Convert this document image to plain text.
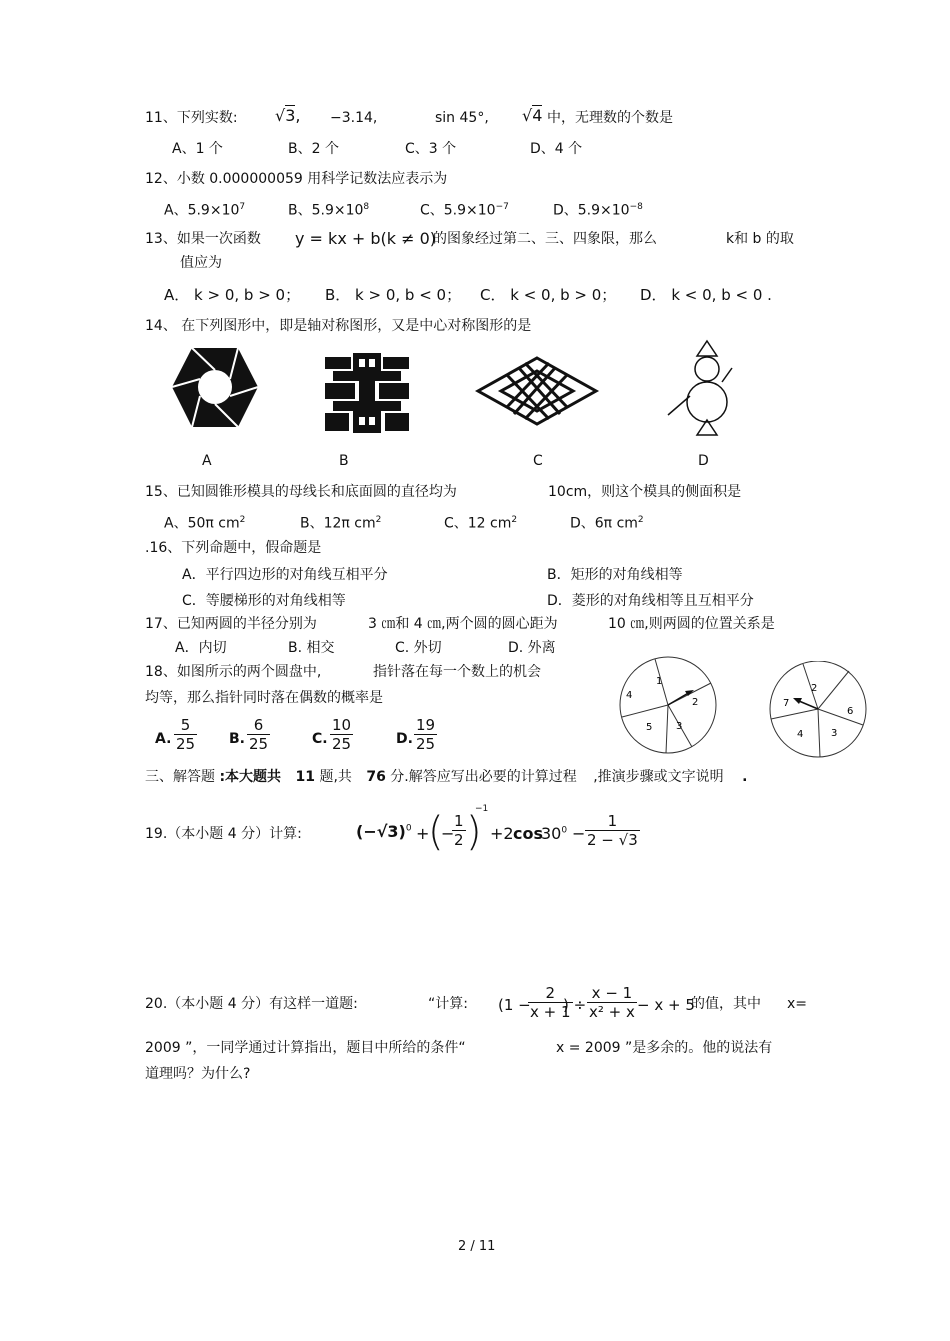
11、下列实数: √3, −3.14,	sin 45°, √4 中，无理数的个数是
A、1 个	B、2 个	C、3 个	D、4 个
12、小数 0.000000059 用科学记数法应表示为
A、$5.9\times 10^7$	B、$5.9\times 10^8$	C、$5.9\times 10^{-7}$	D、$5.9\times 10^{-8}$
13、如果一次函数 y = kx + b(k ≠ 0)
的图象经过第二、三、四象限，那么	k和 b 的取
值应为
A． k > 0, b > 0； B． k > 0, b < 0； C． k < 0, b > 0； D． k < 0, b < 0 .
14、 在下列图形中，即是轴对称图形，又是中心对称图形的是
A	B	C	D
15、已知圆锥形模具的母线长和底面圆的直径均为	10cm，则这个模具的侧面积是
A、50π $cm^2$	B、12π $cm^2$	C、12 $cm^2$	D、6π $cm^2$
.16、下列命题中，假命题是
A．平行四边形的对角线互相平分	B．矩形的对角线相等
C．等腰梯形的对角线相等	D．菱形的对角线相等且互相平分
17、已知两圆的半径分别为	3 ㎝和 4 ㎝,两个圆的圆心距为	10 ㎝,则两圆的位置关系是
A．内切	B. 相交	C. 外切	D. 外离
18、如图所示的两个圆盘中,	指针落在每一个数上的机会
均等，那么指针同时落在偶数的概率是
A. $\frac{5}{25} B$. $\frac{6}{25}$	C. $\frac{10}{25}$	D. $\frac{19}{25}$
1
2
3
5
4
2
6
3
4
7
三、解答题 :本大题共 11 题,共 76 分.解答应写出必要的计算过程 ,推演步骤或文字说明 .
19.（本小题 4 分）计算:	$(-√3)^0$ +
(
−
$\frac{1}{2}$ )
−1
+2 cos
$30^0 - \frac{1}{2 - √3}$
20.（本小题 4 分）有这样一道题:	“计算: (1 −
$\frac{2}{x + 1}$
) ÷ $\frac{x - 1}{\text{x² + x}} - x + 5$
的值，其中 x=
2009 ”，一同学通过计算指出，题目中所给的条件“	x = 2009 ”是多余的。他的说法有
道理吗？为什么?
2 / 11
